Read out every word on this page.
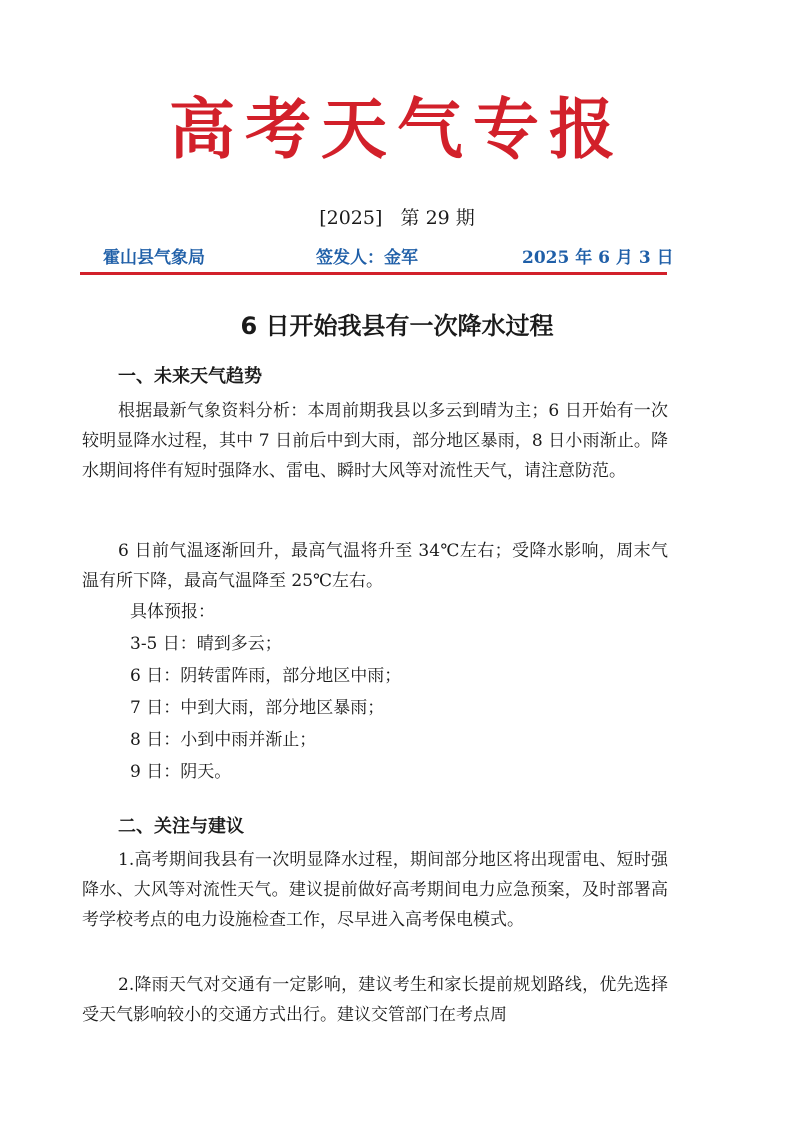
高考天气专报
[2025] 第 29 期
霍山县气象局	签发人：金军	2025 年 6 月 3 日
6 日开始我县有一次降水过程
一、未来天气趋势

根据最新气象资料分析：本周前期我县以多云到晴为主；6 日开始有一次较明显降水过程，其中 7 日前后中到大雨，部分地区暴雨，8 日小雨渐止。降水期间将伴有短时强降水、雷电、瞬时大风等对流性天气，请注意防范。

6 日前气温逐渐回升，最高气温将升至 34℃左右；受降水影响，周末气温有所下降，最高气温降至 25℃左右。

具体预报：
3-5 日：晴到多云；
6 日：阴转雷阵雨，部分地区中雨；
7 日：中到大雨，部分地区暴雨；
8 日：小到中雨并渐止；
9 日：阴天。
二、关注与建议

1.高考期间我县有一次明显降水过程，期间部分地区将出现雷电、短时强降水、大风等对流性天气。建议提前做好高考期间电力应急预案，及时部署高考学校考点的电力设施检查工作，尽早进入高考保电模式。

2.降雨天气对交通有一定影响，建议考生和家长提前规划路线，优先选择受天气影响较小的交通方式出行。建议交管部门在考点周
